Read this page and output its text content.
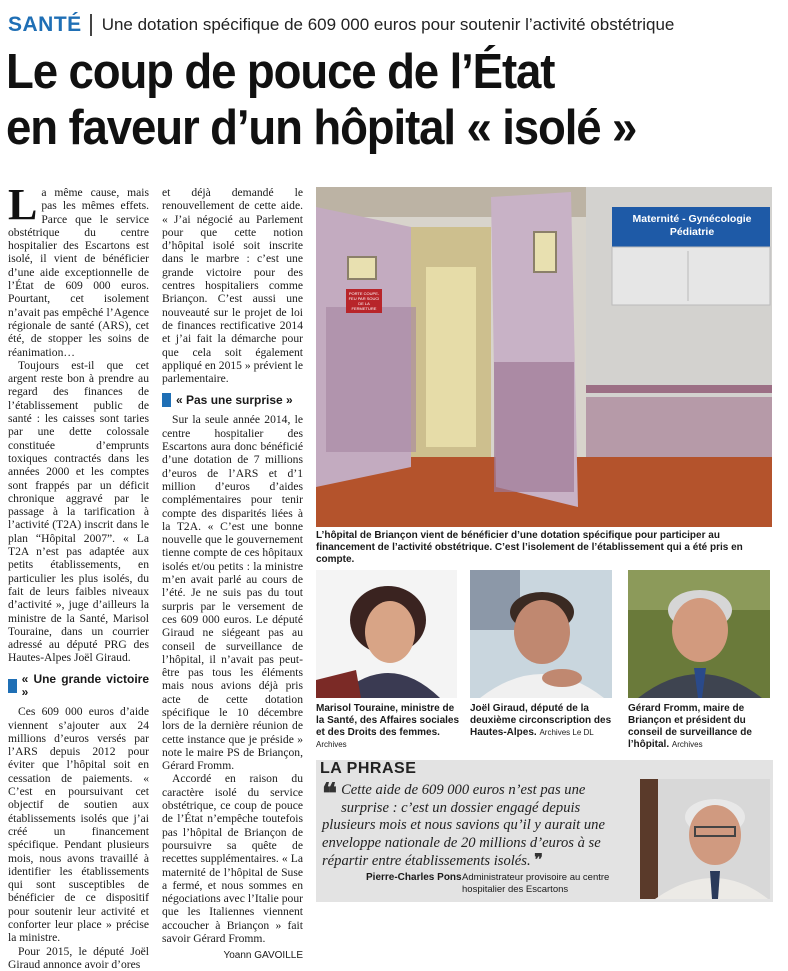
SANTÉ Une dotation spécifique de 609 000 euros pour soutenir l’activité obstétrique
Le coup de pouce de l’État
en faveur d’un hôpital « isolé »

La même cause, mais pas les mêmes effets. Parce que le service obstétrique du centre hospitalier des Escartons est isolé, il vient de bénéficier d’une aide exceptionnelle de l’État de 609 000 euros. Pourtant, cet isolement n’avait pas empêché l’Agence régionale de santé (ARS), cet été, de stopper les soins de réanimation…

Toujours est-il que cet argent reste bon à prendre au regard des finances de l’établissement public de santé : les caisses sont taries par une dette colossale constituée d’emprunts toxiques contractés dans les années 2000 et les comptes sont frappés par un déficit chronique aggravé par le passage à la tarification à l’activité (T2A) inscrit dans le plan “Hôpital 2007”. « La T2A n’est pas adaptée aux petits établissements, en particulier les plus isolés, du fait de leurs faibles niveaux d’activité », juge d’ailleurs la ministre de la Santé, Marisol Touraine, dans un courrier adressé au député PRG des Hautes-Alpes Joël Giraud.

« Une grande victoire »

Ces 609 000 euros d’aide viennent s’ajouter aux 24 millions d’euros versés par l’ARS depuis 2012 pour éviter que l’hôpital soit en cessation de paiements. « C’est en poursuivant cet objectif de soutien aux établissements isolés que j’ai créé un financement spécifique. Pendant plusieurs mois, nous avons travaillé à identifier les établissements qui sont susceptibles de bénéficier de ce dispositif pour soutenir leur activité et conforter leur place » précise la ministre.

Pour 2015, le député Joël Giraud annonce avoir d’ores

et déjà demandé le renouvellement de cette aide. « J’ai négocié au Parlement pour que cette notion d’hôpital isolé soit inscrite dans le marbre : c’est une grande victoire pour des centres hospitaliers comme Briançon. C’est aussi une nouveauté sur le projet de loi de finances rectificative 2014 et j’ai fait la démarche pour que cela soit également appliqué en 2015 » prévient le parlementaire.

« Pas une surprise »

Sur la seule année 2014, le centre hospitalier des Escartons aura donc bénéficié d’une dotation de 7 millions d’euros de l’ARS et d’1 million d’euros d’aides complémentaires pour tenir compte des disparités liées à la T2A. « C’est une bonne nouvelle que le gouvernement tienne compte de ces hôpitaux isolés et/ou petits : la ministre m’en avait parlé au cours de l’été. Je ne suis pas du tout surpris par le versement de ces 609 000 euros. Le député Giraud ne siégeant pas au conseil de surveillance de l’hôpital, il n’avait pas peut-être pas tous les éléments mais nous avions déjà pris acte de cette dotation spécifique le 10 décembre lors de la dernière réunion de cette instance que je préside » note le maire PS de Briançon, Gérard Fromm.

Accordé en raison du caractère isolé du service obstétrique, ce coup de pouce de l’État n’empêche toutefois pas l’hôpital de Briançon de poursuivre sa quête de recettes supplémentaires. « La maternité de l’hôpital de Suse a fermé, et nous sommes en négociations avec l’Italie pour que les Italiennes viennent accoucher à Briançon » fait savoir Gérard Fromm.

Yoann GAVOILLE
Maternité - Gynécologie
Pédiatrie
PORTE COUPE-FEU PAR SOUCI DE LA FERMETURE
L’hôpital de Briançon vient de bénéficier d’une dotation spécifique pour participer au financement de l’activité obstétrique. C’est l’isolement de l’établissement qui a été pris en compte.
Marisol Touraine, ministre de la Santé, des Affaires sociales et des Droits des femmes. Archives
Joël Giraud, député de la deuxième circonscription des Hautes-Alpes. Archives Le DL
Gérard Fromm, maire de Briançon et président du conseil de surveillance de l’hôpital. Archives
LA PHRASE
❝ Cette aide de 609 000 euros n’est pas une surprise : c’est un dossier engagé depuis plusieurs mois et nous savions qu’il y aurait une enveloppe nationale de 20 millions d’euros à se répartir entre établissements isolés. ❞
Pierre-Charles Pons Administrateur provisoire au centre hospitalier des Escartons
